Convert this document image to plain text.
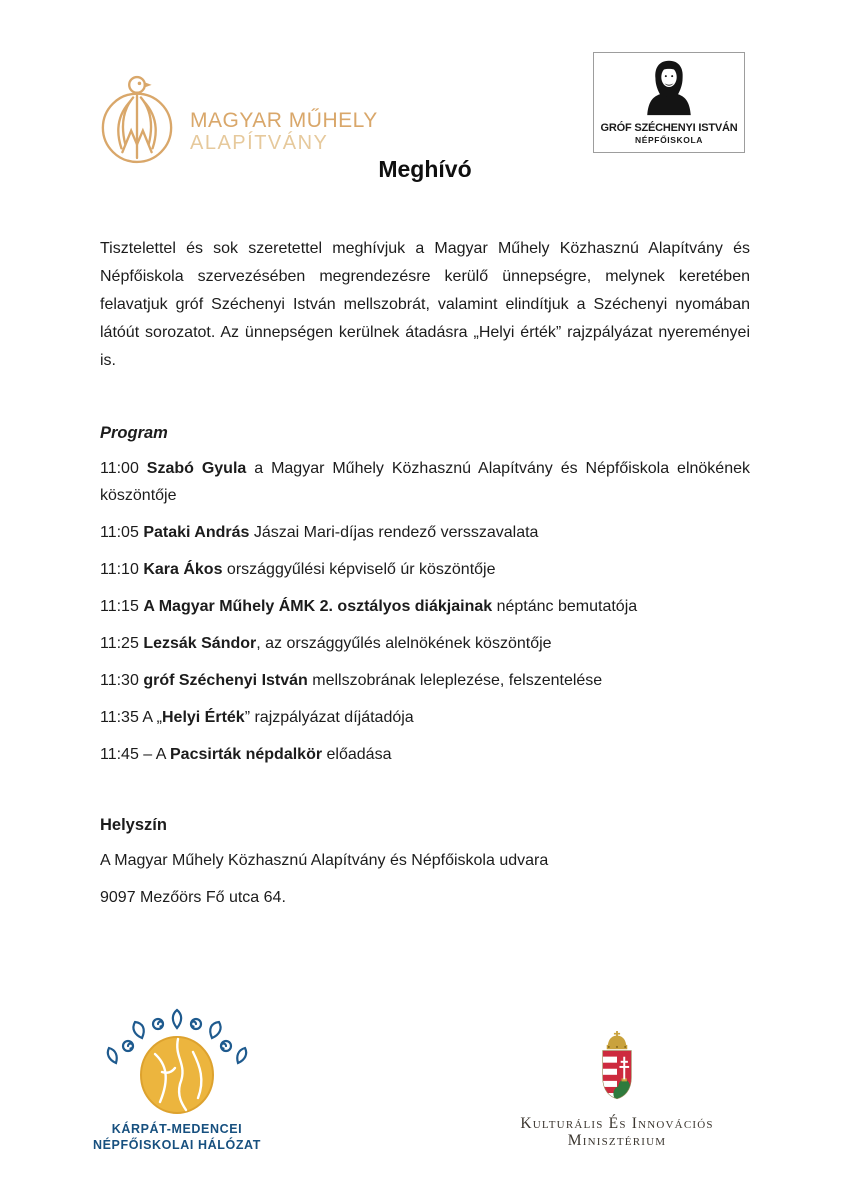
MAGYAR MŰHELY
ALAPÍTVÁNY
GRÓF SZÉCHENYI ISTVÁN
NÉPFŐISKOLA
Meghívó

Tisztelettel és sok szeretettel meghívjuk a Magyar Műhely Közhasznú Alapítvány és Népfőiskola szervezésében megrendezésre kerülő ünnepségre, melynek keretében felavatjuk gróf Széchenyi István mellszobrát, valamint elindítjuk a Széchenyi nyomában látóút sorozatot. Az ünnepségen kerülnek átadásra „Helyi érték” rajzpályázat nyereményei is.

Program

11:00 Szabó Gyula a Magyar Műhely Közhasznú Alapítvány és Népfőiskola elnökének köszöntője

11:05 Pataki András Jászai Mari-díjas rendező versszavalata

11:10 Kara Ákos országgyűlési képviselő úr köszöntője

11:15 A Magyar Műhely ÁMK 2. osztályos diákjainak néptánc bemutatója

11:25 Lezsák Sándor, az országgyűlés alelnökének köszöntője

11:30 gróf Széchenyi István mellszobrának leleplezése, felszentelése

11:35 A „Helyi Érték” rajzpályázat díjátadója

11:45 – A Pacsirták népdalkör előadása

Helyszín

A Magyar Műhely Közhasznú Alapítvány és Népfőiskola udvara

9097 Mezőörs Fő utca 64.

KÁRPÁT-MEDENCEI
NÉPFŐISKOLAI HÁLÓZAT
Kulturális És Innovációs
Minisztérium
